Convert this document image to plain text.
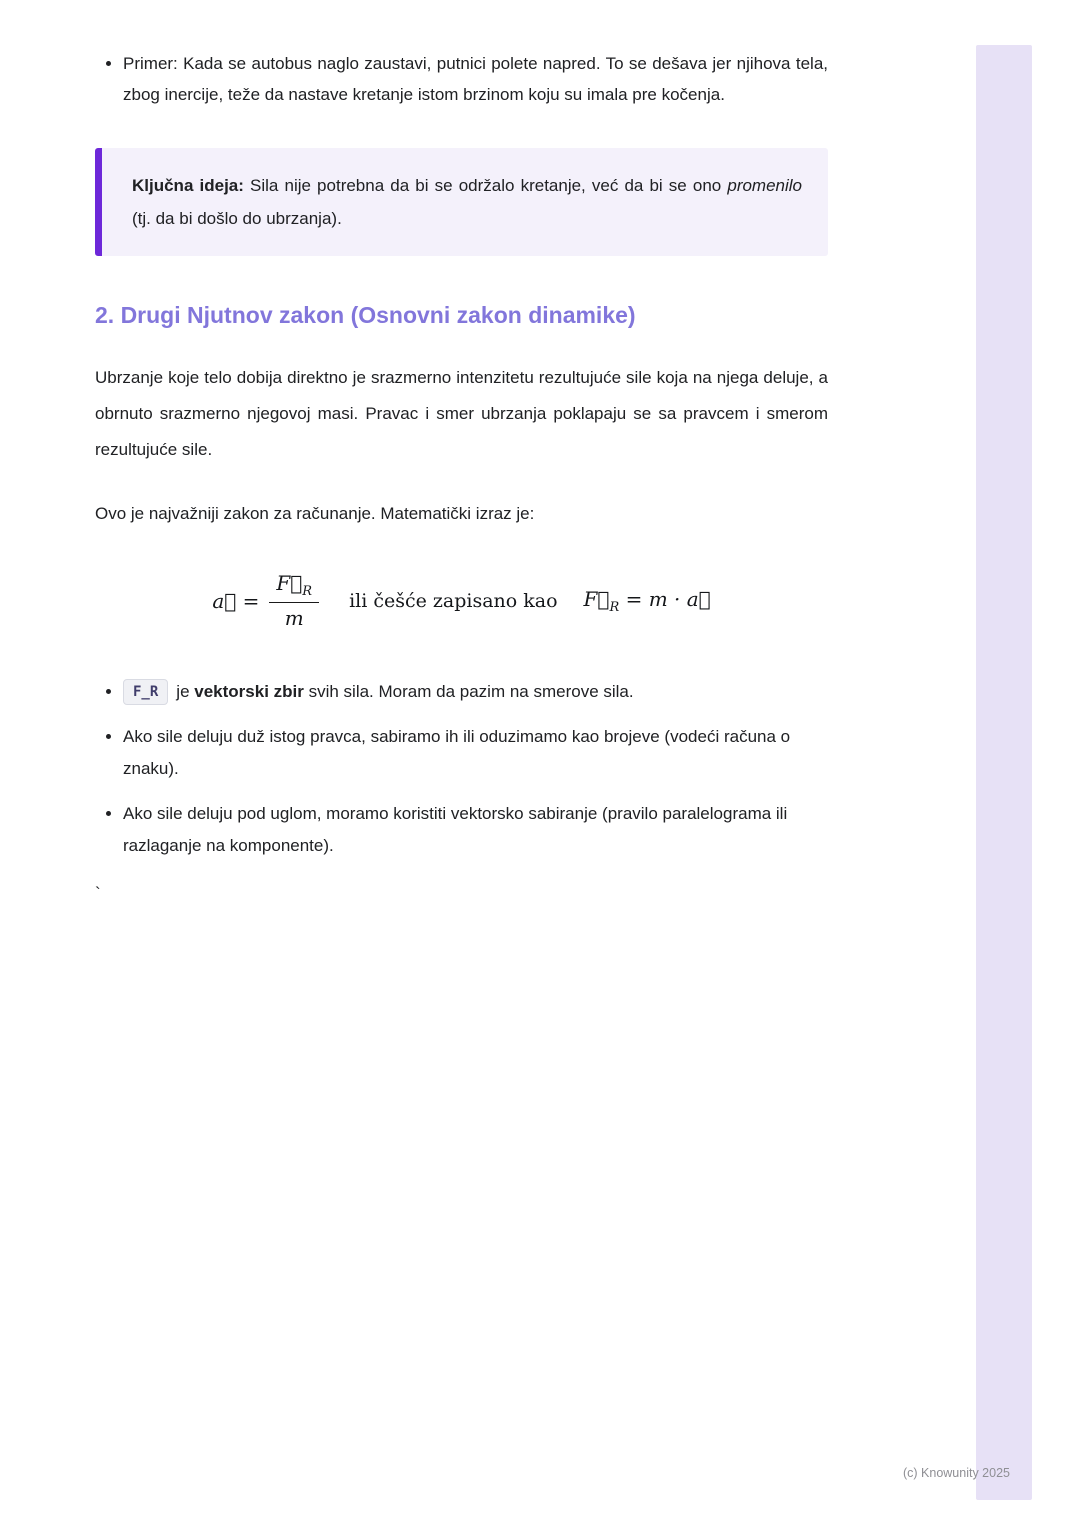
• Primer: Kada se autobus naglo zaustavi, putnici polete napred. To se dešava jer njihova tela, zbog inercije, teže da nastave kretanje istom brzinom koju su imala pre kočenja.

Ključna ideja: Sila nije potrebna da bi se održalo kretanje, već da bi se ono promenilo (tj. da bi došlo do ubrzanja).

2. Drugi Njutnov zakon (Osnovni zakon dinamike)

Ubrzanje koje telo dobija direktno je srazmerno intenzitetu rezultujuće sile koja na njega deluje, a obrnuto srazmerno njegovoj masi. Pravac i smer ubrzanja poklapaju se sa pravcem i smerom rezultujuće sile.

Ovo je najvažniji zakon za računanje. Matematički izraz je:

a⃗ = $\frac{F⃗_R}{m}$ ili češće zapisano kao $F⃗_R = m$ · a⃗
• F_R je vektorski zbir svih sila. Moram da pazim na smerove sila.
• Ako sile deluju duž istog pravca, sabiramo ih ili oduzimamo kao brojeve (vodeći računa o znaku).
• Ako sile deluju pod uglom, moramo koristiti vektorsko sabiranje (pravilo paralelograma ili razlaganje na komponente).
`
(c) Knowunity 2025
